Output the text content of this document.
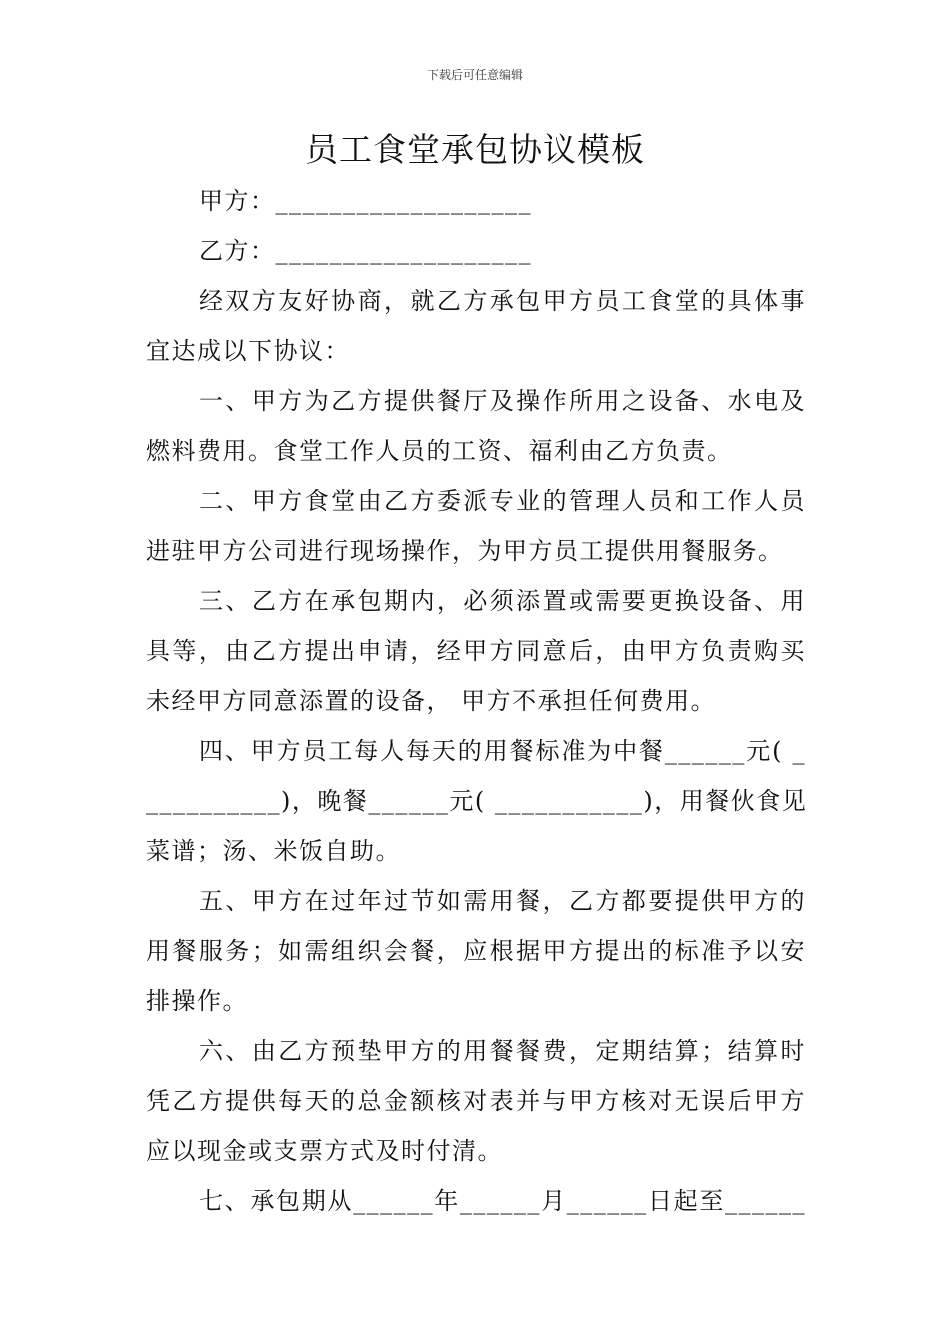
下载后可任意编辑
员工食堂承包协议模板
甲方：___________________
乙方：___________________
经双方友好协商，就乙方承包甲方员工食堂的具体事
宜达成以下协议：
一、甲方为乙方提供餐厅及操作所用之设备、水电及
燃料费用。食堂工作人员的工资、福利由乙方负责。
二、甲方食堂由乙方委派专业的管理人员和工作人员
进驻甲方公司进行现场操作，为甲方员工提供用餐服务。
三、乙方在承包期内，必须添置或需要更换设备、用
具等，由乙方提出申请，经甲方同意后，由甲方负责购买
未经甲方同意添置的设备， 甲方不承担任何费用。
四、甲方员工每人每天的用餐标准为中餐______元( _
__________)，晚餐______元( ___________)，用餐伙食见
菜谱；汤、米饭自助。
五、甲方在过年过节如需用餐，乙方都要提供甲方的
用餐服务；如需组织会餐，应根据甲方提出的标准予以安
排操作。
六、由乙方预垫甲方的用餐餐费，定期结算；结算时
凭乙方提供每天的总金额核对表并与甲方核对无误后甲方
应以现金或支票方式及时付清。
七、承包期从______年______月______日起至______
